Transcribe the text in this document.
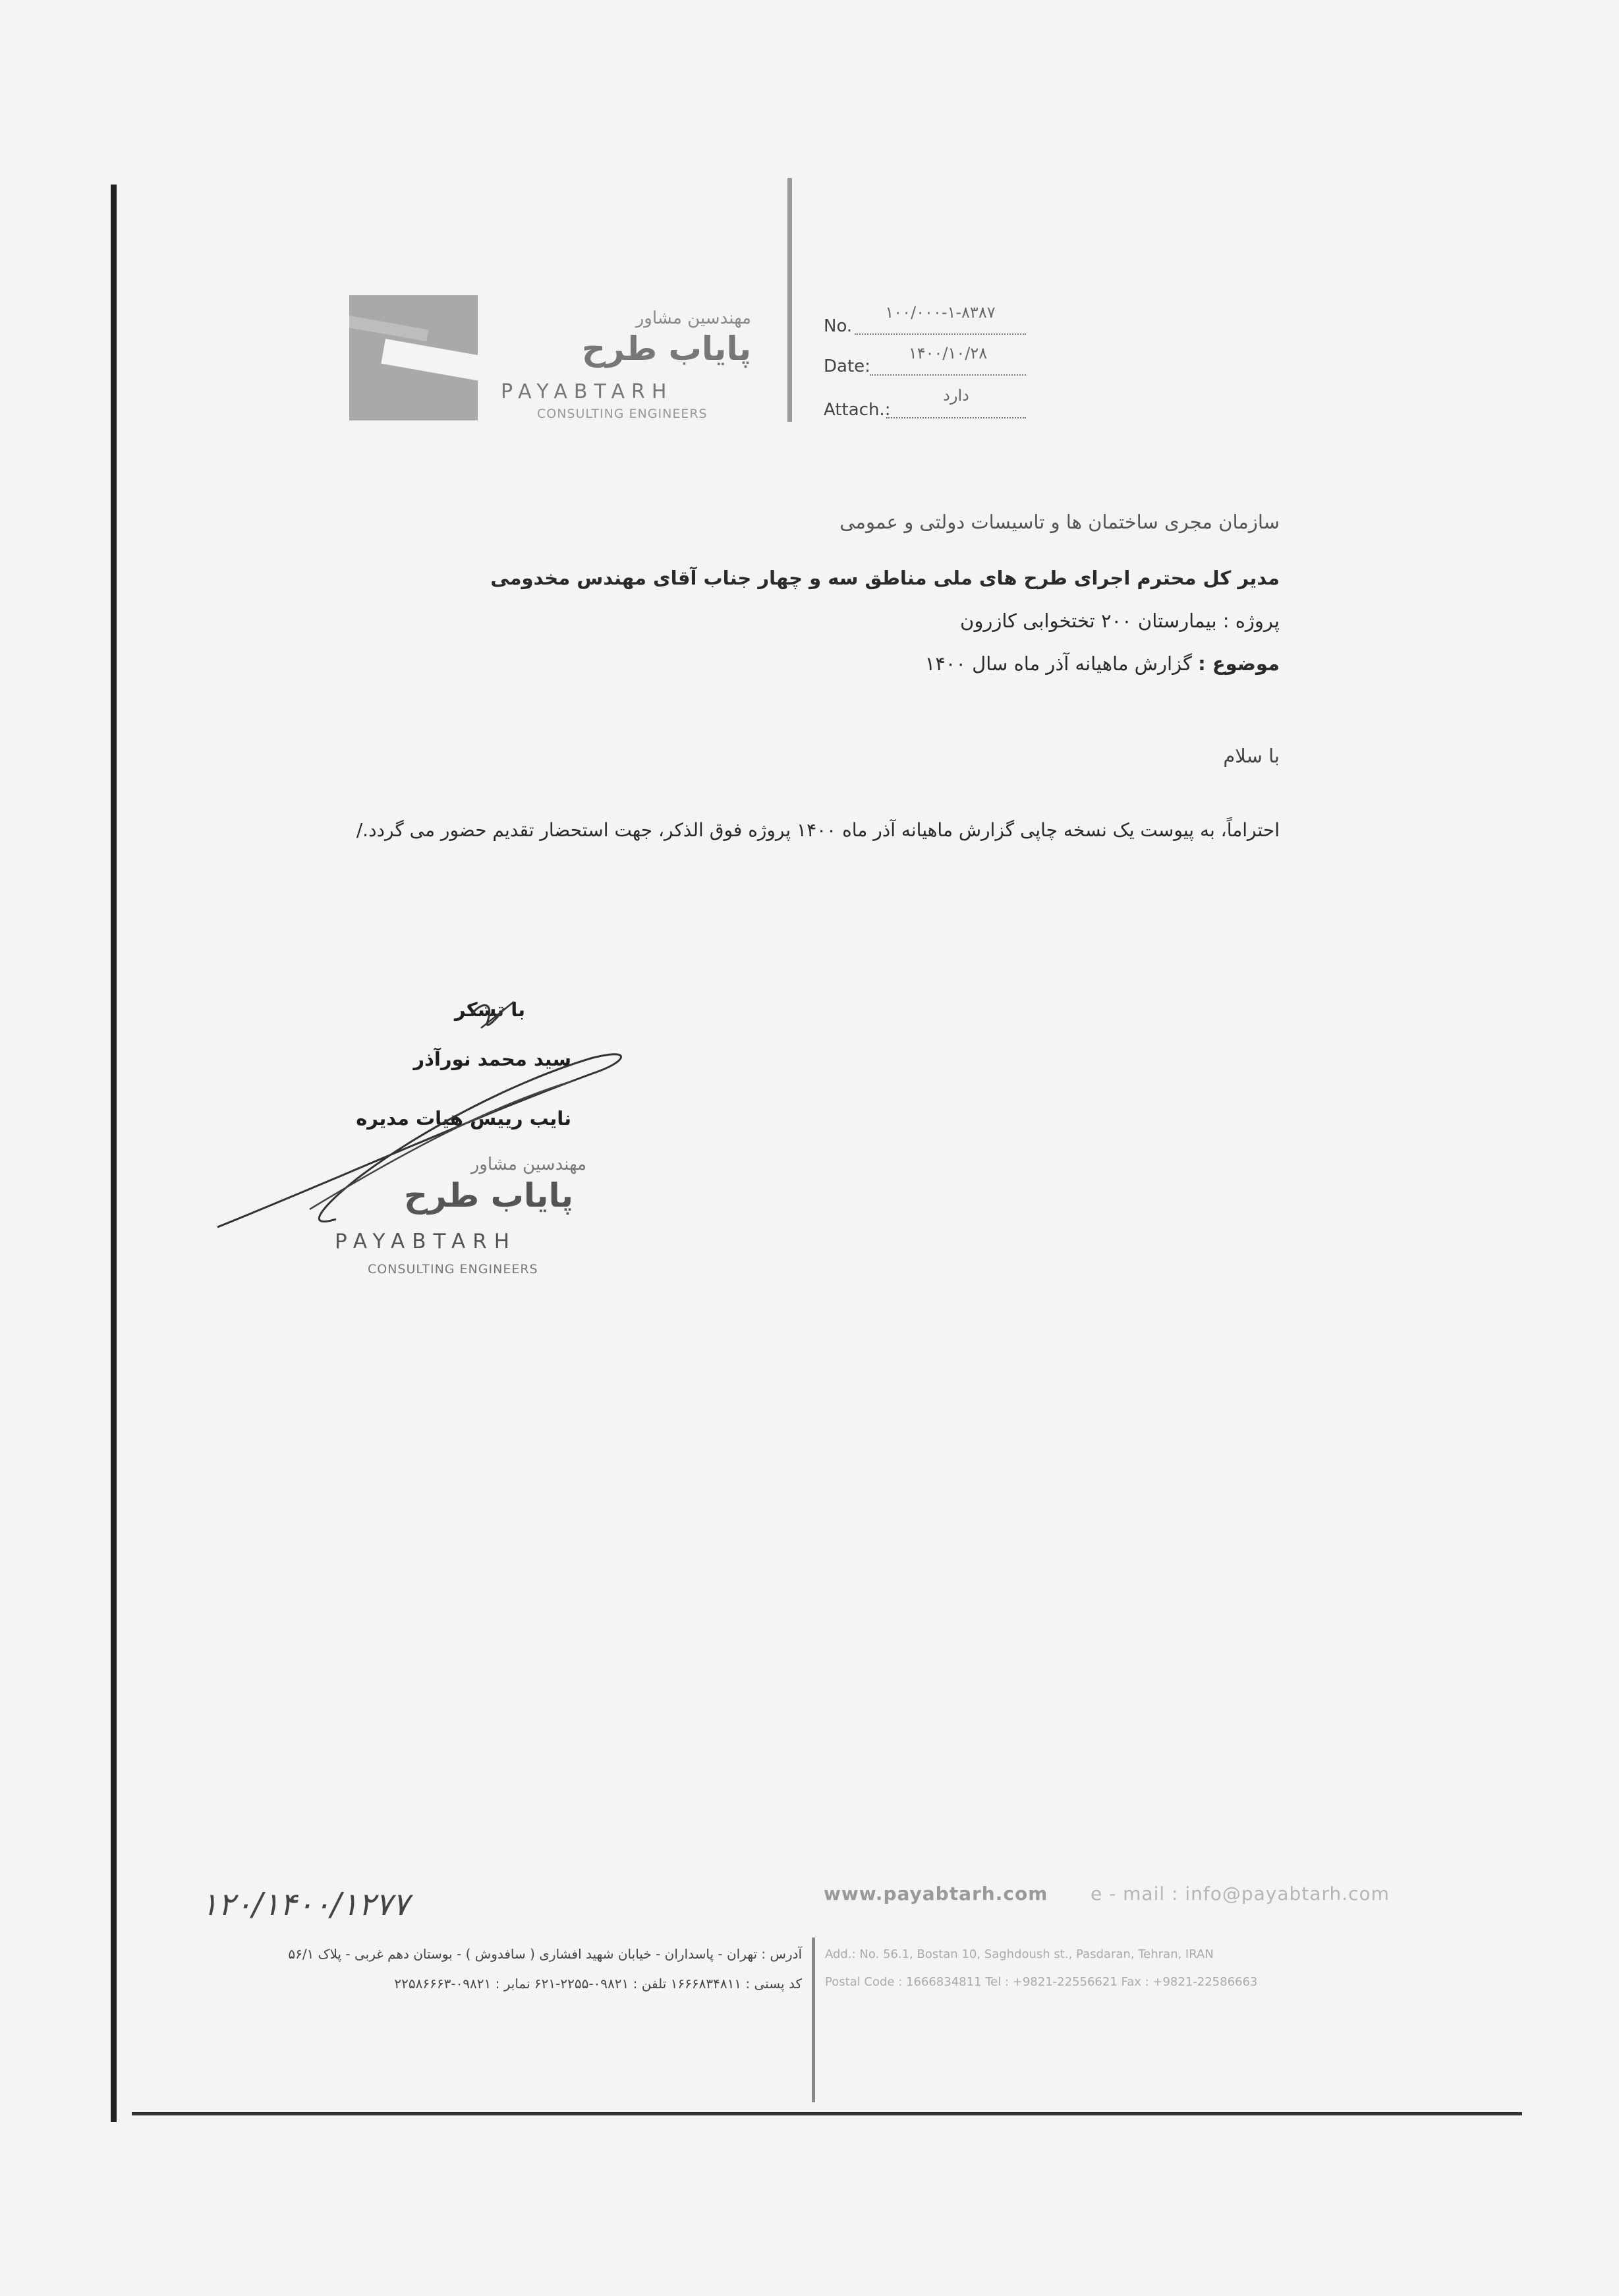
مهندسین مشاور
پایاب طرح
PAYABTARH
CONSULTING ENGINEERS
No.
۱۰۰/۰۰۰-۱-۸۳۸۷
Date:
۱۴۰۰/۱۰/۲۸
Attach.:
دارد
سازمان مجری ساختمان ها و تاسیسات دولتی و عمومی
مدیر کل محترم اجرای طرح های ملی مناطق سه و چهار جناب آقای مهندس مخدومی
پروژه : بیمارستان ۲۰۰ تختخوابی کازرون
موضوع : گزارش ماهیانه آذر ماه سال ۱۴۰۰
با سلام
احتراماً، به پیوست یک نسخه چاپی گزارش ماهیانه آذر ماه ۱۴۰۰ پروژه فوق الذکر، جهت استحضار تقدیم حضور می گردد./
با تشکر
سید محمد نورآذر
نایب رییس هیات مدیره
مهندسین مشاور
پایاب طرح
PAYABTARH
CONSULTING ENGINEERS
۱۲۰/۱۴۰۰/۱۲۷۷	www.payabtarh.com e - mail : info@payabtarh.com
آدرس : تهران - پاسداران - خیابان شهید افشاری ( سافدوش ) - بوستان دهم غربی - پلاک ۵۶/۱
کد پستی : ۱۶۶۶۸۳۴۸۱۱ تلفن : ۰۹۸۲۱-۲۲۵۵-۶۲۱ نمابر : ۰۹۸۲۱-۲۲۵۸۶۶۶۳
Add.: No. 56.1, Bostan 10, Saghdoush st., Pasdaran, Tehran, IRAN
Postal Code : 1666834811 Tel : +9821-22556621 Fax : +9821-22586663
